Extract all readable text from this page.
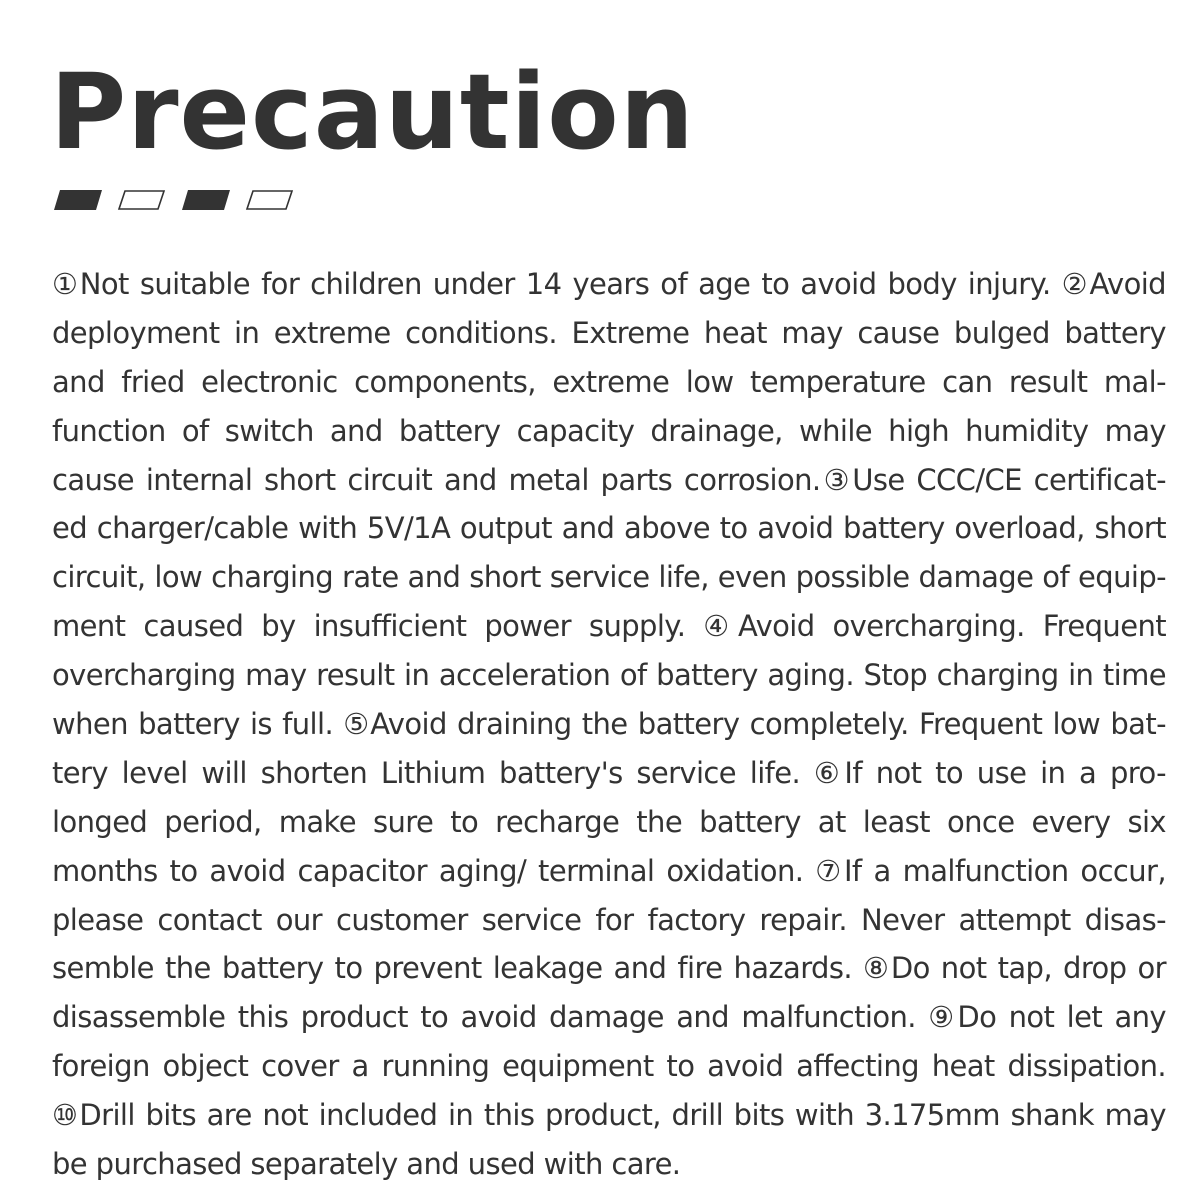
Precaution
①Not suitable for children under 14 years of age to avoid body injury. ②Avoid
deployment in extreme conditions. Extreme heat may cause bulged battery
and fried electronic components, extreme low temperature can result mal-
function of switch and battery capacity drainage, while high humidity may
cause internal short circuit and metal parts corrosion.③Use CCC/CE certificat-
ed charger/cable with 5V/1A output and above to avoid battery overload, short
circuit, low charging rate and short service life, even possible damage of equip-
ment caused by insufficient power supply. ④Avoid overcharging. Frequent
overcharging may result in acceleration of battery aging. Stop charging in time
when battery is full. ⑤Avoid draining the battery completely. Frequent low bat-
tery level will shorten Lithium battery's service life. ⑥If not to use in a pro-
longed period, make sure to recharge the battery at least once every six
months to avoid capacitor aging/ terminal oxidation. ⑦If a malfunction occur,
please contact our customer service for factory repair. Never attempt disas-
semble the battery to prevent leakage and fire hazards. ⑧Do not tap, drop or
disassemble this product to avoid damage and malfunction. ⑨Do not let any
foreign object cover a running equipment to avoid affecting heat dissipation.
⑩Drill bits are not included in this product, drill bits with 3.175mm shank may
be purchased separately and used with care.
